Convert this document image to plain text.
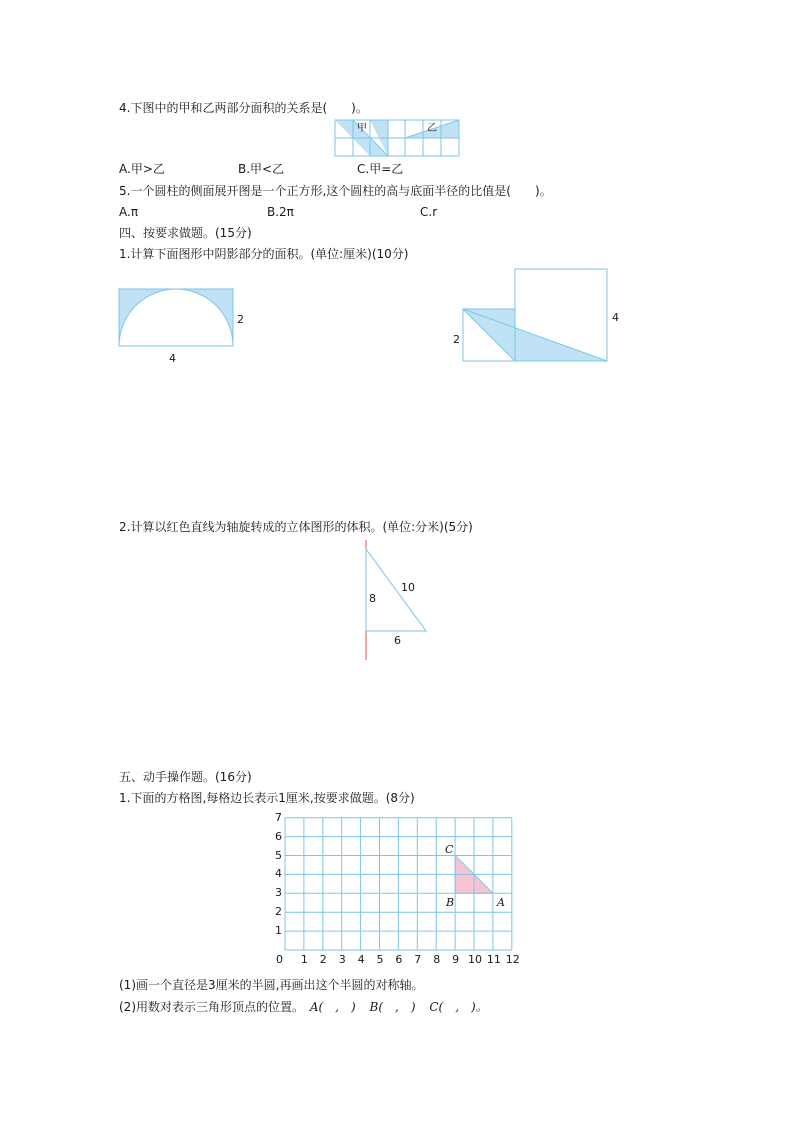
4.下图中的甲和乙两部分面积的关系是(　　)。
A.甲>乙	B.甲<乙	C.甲=乙
甲	乙
5.一个圆柱的侧面展开图是一个正方形,这个圆柱的高与底面半径的比值是(　　)。
A.π	B.2π	C.r
四、按要求做题。(15分)
1.计算下面图形中阴影部分的面积。(单位:厘米)(10分)
2
4
2
4
2.计算以红色直线为轴旋转成的立体图形的体积。(单位:分米)(5分)
8
10
6
五、动手操作题。(16分)
1.下面的方格图,每格边长表示1厘米,按要求做题。(8分)
0 1 2 3 4 5 6 7 8 9 10 11 12
1
2
3
4
5
6
7
C
B	A
(1)画一个直径是3厘米的半圆,再画出这个半圆的对称轴。
(2)用数对表示三角形顶点的位置。 A(　,　) B(　,　) C(　,　)。
